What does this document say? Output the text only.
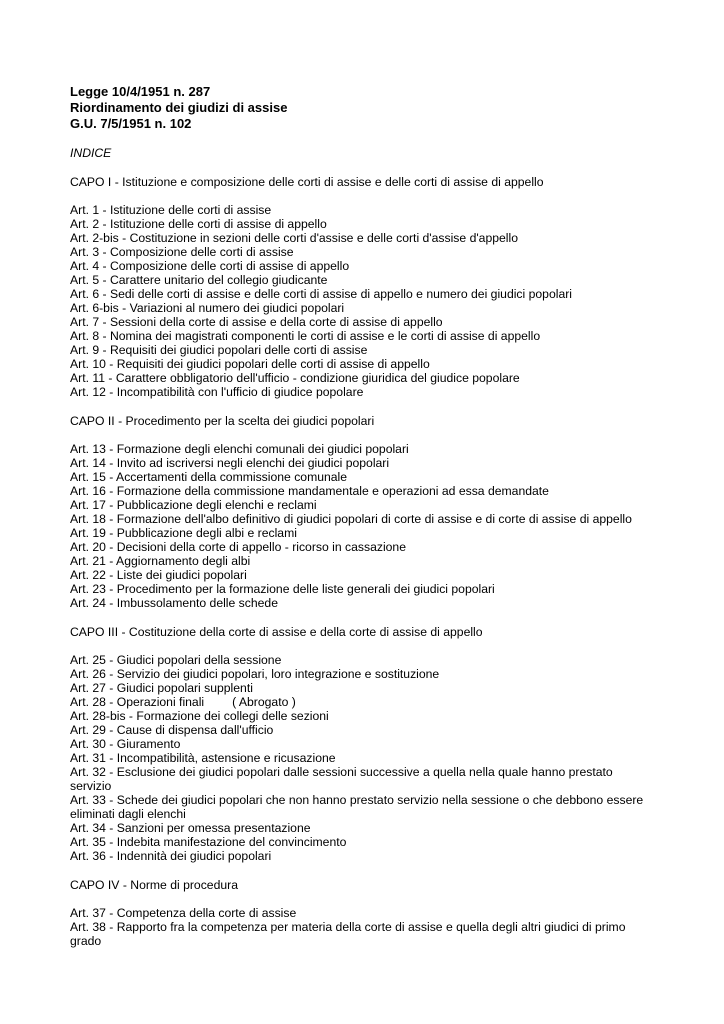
Legge 10/4/1951 n. 287
Riordinamento dei giudizi di assise
G.U. 7/5/1951 n. 102
INDICE
CAPO I - Istituzione e composizione delle corti di assise e delle corti di assise di appello
Art. 1 - Istituzione delle corti di assise
Art. 2 - Istituzione delle corti di assise di appello
Art. 2-bis - Costituzione in sezioni delle corti d'assise e delle corti d'assise d'appello
Art. 3 - Composizione delle corti di assise
Art. 4 - Composizione delle corti di assise di appello
Art. 5 - Carattere unitario del collegio giudicante
Art. 6 - Sedi delle corti di assise e delle corti di assise di appello e numero dei giudici popolari
Art. 6-bis - Variazioni al numero dei giudici popolari
Art. 7 - Sessioni della corte di assise e della corte di assise di appello
Art. 8 - Nomina dei magistrati componenti le corti di assise e le corti di assise di appello
Art. 9 - Requisiti dei giudici popolari delle corti di assise
Art. 10 - Requisiti dei giudici popolari delle corti di assise di appello
Art. 11 - Carattere obbligatorio dell'ufficio - condizione giuridica del giudice popolare
Art. 12 - Incompatibilità con l'ufficio di giudice popolare
CAPO II - Procedimento per la scelta dei giudici popolari
Art. 13 - Formazione degli elenchi comunali dei giudici popolari
Art. 14 - Invito ad iscriversi negli elenchi dei giudici popolari
Art. 15 - Accertamenti della commissione comunale
Art. 16 - Formazione della commissione mandamentale e operazioni ad essa demandate
Art. 17 - Pubblicazione degli elenchi e reclami
Art. 18 - Formazione dell'albo definitivo di giudici popolari di corte di assise e di corte di assise di appello
Art. 19 - Pubblicazione degli albi e reclami
Art. 20 - Decisioni della corte di appello - ricorso in cassazione
Art. 21 - Aggiornamento degli albi
Art. 22 - Liste dei giudici popolari
Art. 23 - Procedimento per la formazione delle liste generali dei giudici popolari
Art. 24 - Imbussolamento delle schede
CAPO III - Costituzione della corte di assise e della corte di assise di appello
Art. 25 - Giudici popolari della sessione
Art. 26 - Servizio dei giudici popolari, loro integrazione e sostituzione
Art. 27 - Giudici popolari supplenti
Art. 28 - Operazioni finali ( Abrogato )
Art. 28-bis - Formazione dei collegi delle sezioni
Art. 29 - Cause di dispensa dall'ufficio
Art. 30 - Giuramento
Art. 31 - Incompatibilità, astensione e ricusazione
Art. 32 - Esclusione dei giudici popolari dalle sessioni successive a quella nella quale hanno prestato
servizio
Art. 33 - Schede dei giudici popolari che non hanno prestato servizio nella sessione o che debbono essere
eliminati dagli elenchi
Art. 34 - Sanzioni per omessa presentazione
Art. 35 - Indebita manifestazione del convincimento
Art. 36 - Indennità dei giudici popolari
CAPO IV - Norme di procedura
Art. 37 - Competenza della corte di assise
Art. 38 - Rapporto fra la competenza per materia della corte di assise e quella degli altri giudici di primo
grado
